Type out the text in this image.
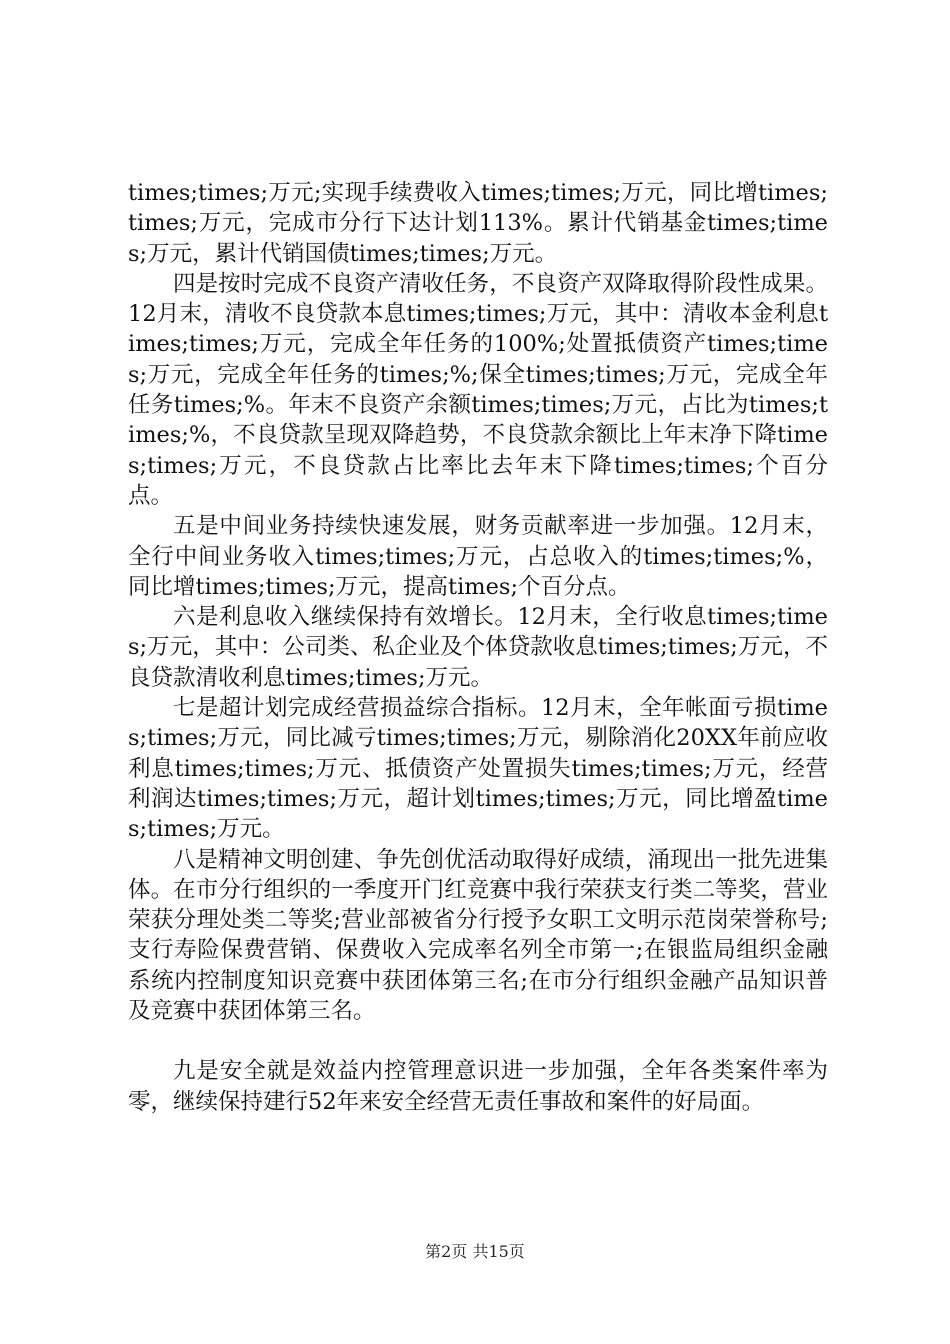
times;times;万元;实现手续费收入times;times;万元，同比增times;times;万元，完成市分行下达计划113%。累计代销基金times;times;万元，累计代销国债times;times;万元。

四是按时完成不良资产清收任务，不良资产双降取得阶段性成果。12月末，清收不良贷款本息times;times;万元，其中：清收本金利息times;times;万元，完成全年任务的100%;处置抵债资产times;times;万元，完成全年任务的times;%;保全times;times;万元，完成全年任务times;%。年末不良资产余额times;times;万元，占比为times;times;%，不良贷款呈现双降趋势，不良贷款余额比上年末净下降times;times;万元，不良贷款占比率比去年末下降times;times;个百分点。

五是中间业务持续快速发展，财务贡献率进一步加强。12月末，全行中间业务收入times;times;万元，占总收入的times;times;%，同比增times;times;万元，提高times;个百分点。

六是利息收入继续保持有效增长。12月末，全行收息times;times;万元，其中：公司类、私企业及个体贷款收息times;times;万元，不良贷款清收利息times;times;万元。

七是超计划完成经营损益综合指标。12月末，全年帐面亏损times;times;万元，同比减亏times;times;万元，剔除消化20XX年前应收利息times;times;万元、抵债资产处置损失times;times;万元，经营利润达times;times;万元，超计划times;times;万元，同比增盈times;times;万元。

八是精神文明创建、争先创优活动取得好成绩，涌现出一批先进集体。在市分行组织的一季度开门红竞赛中我行荣获支行类二等奖，营业荣获分理处类二等奖;营业部被省分行授予女职工文明示范岗荣誉称号;支行寿险保费营销、保费收入完成率名列全市第一;在银监局组织金融系统内控制度知识竞赛中获团体第三名;在市分行组织金融产品知识普及竞赛中获团体第三名。

九是安全就是效益内控管理意识进一步加强，全年各类案件率为零，继续保持建行52年来安全经营无责任事故和案件的好局面。

第2页 共15页
